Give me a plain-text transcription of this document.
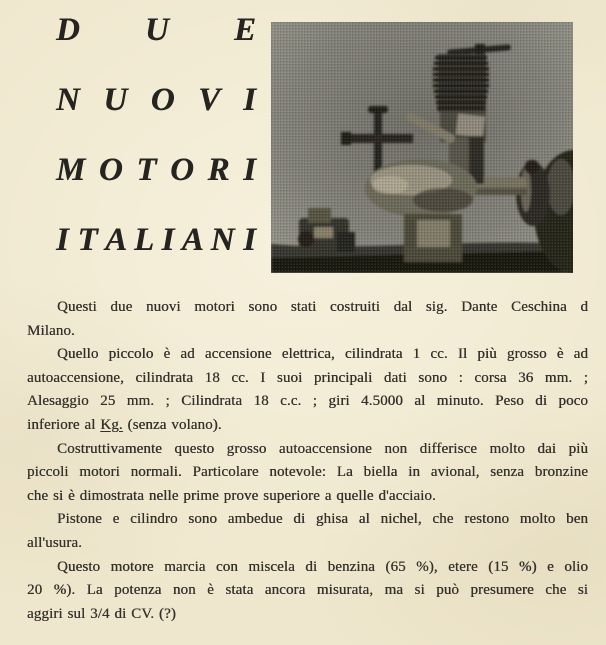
D U E
N U O V I
M O T O R I
I T A L I A N I

Questi due nuovi motori sono stati costruiti dal sig. Dante Ceschina d
Milano.

Quello piccolo è ad accensione elettrica, cilindrata 1 cc. Il più grosso è ad
autoaccensione, cilindrata 18 cc. I suoi principali dati sono : corsa 36 mm. ;
Alesaggio 25 mm. ; Cilindrata 18 c.c. ; giri 4.5000 al minuto. Peso di poco
inferiore al Kg. (senza volano).

Costruttivamente questo grosso autoaccensione non differisce molto dai più
piccoli motori normali. Particolare notevole: La biella in avional, senza bronzine
che si è dimostrata nelle prime prove superiore a quelle d'acciaio.

Pistone e cilindro sono ambedue di ghisa al nichel, che restono molto ben
all'usura.

Questo motore marcia con miscela di benzina (65 %), etere (15 %) e olio
20 %). La potenza non è stata ancora misurata, ma si può presumere che si
aggiri sul 3/4 di CV. (?)
